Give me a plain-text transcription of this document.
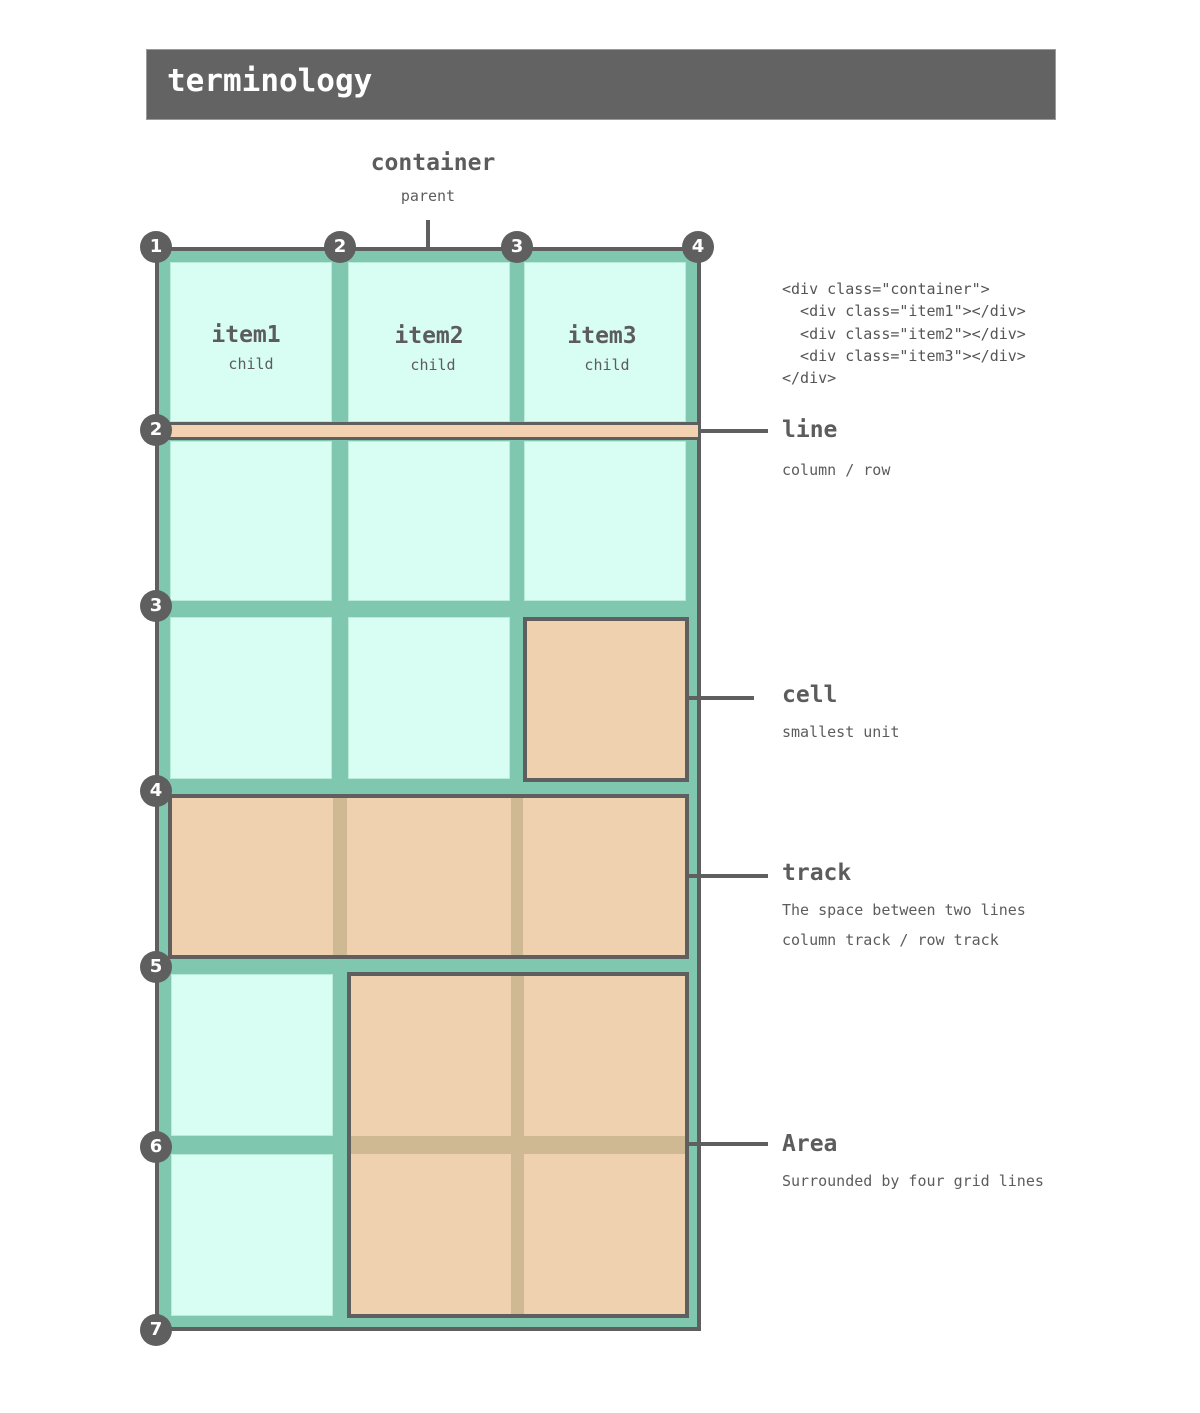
terminology
container
parent
item1
child
item2
child
item3
child
1	2	3	4
2
3
4
5
6
7
<div class="container">
<div class="item1"></div>
<div class="item2"></div>
<div class="item3"></div>
</div>
line
column / row
cell
smallest unit
track
The space between two lines
column track / row track
Area
Surrounded by four grid lines
